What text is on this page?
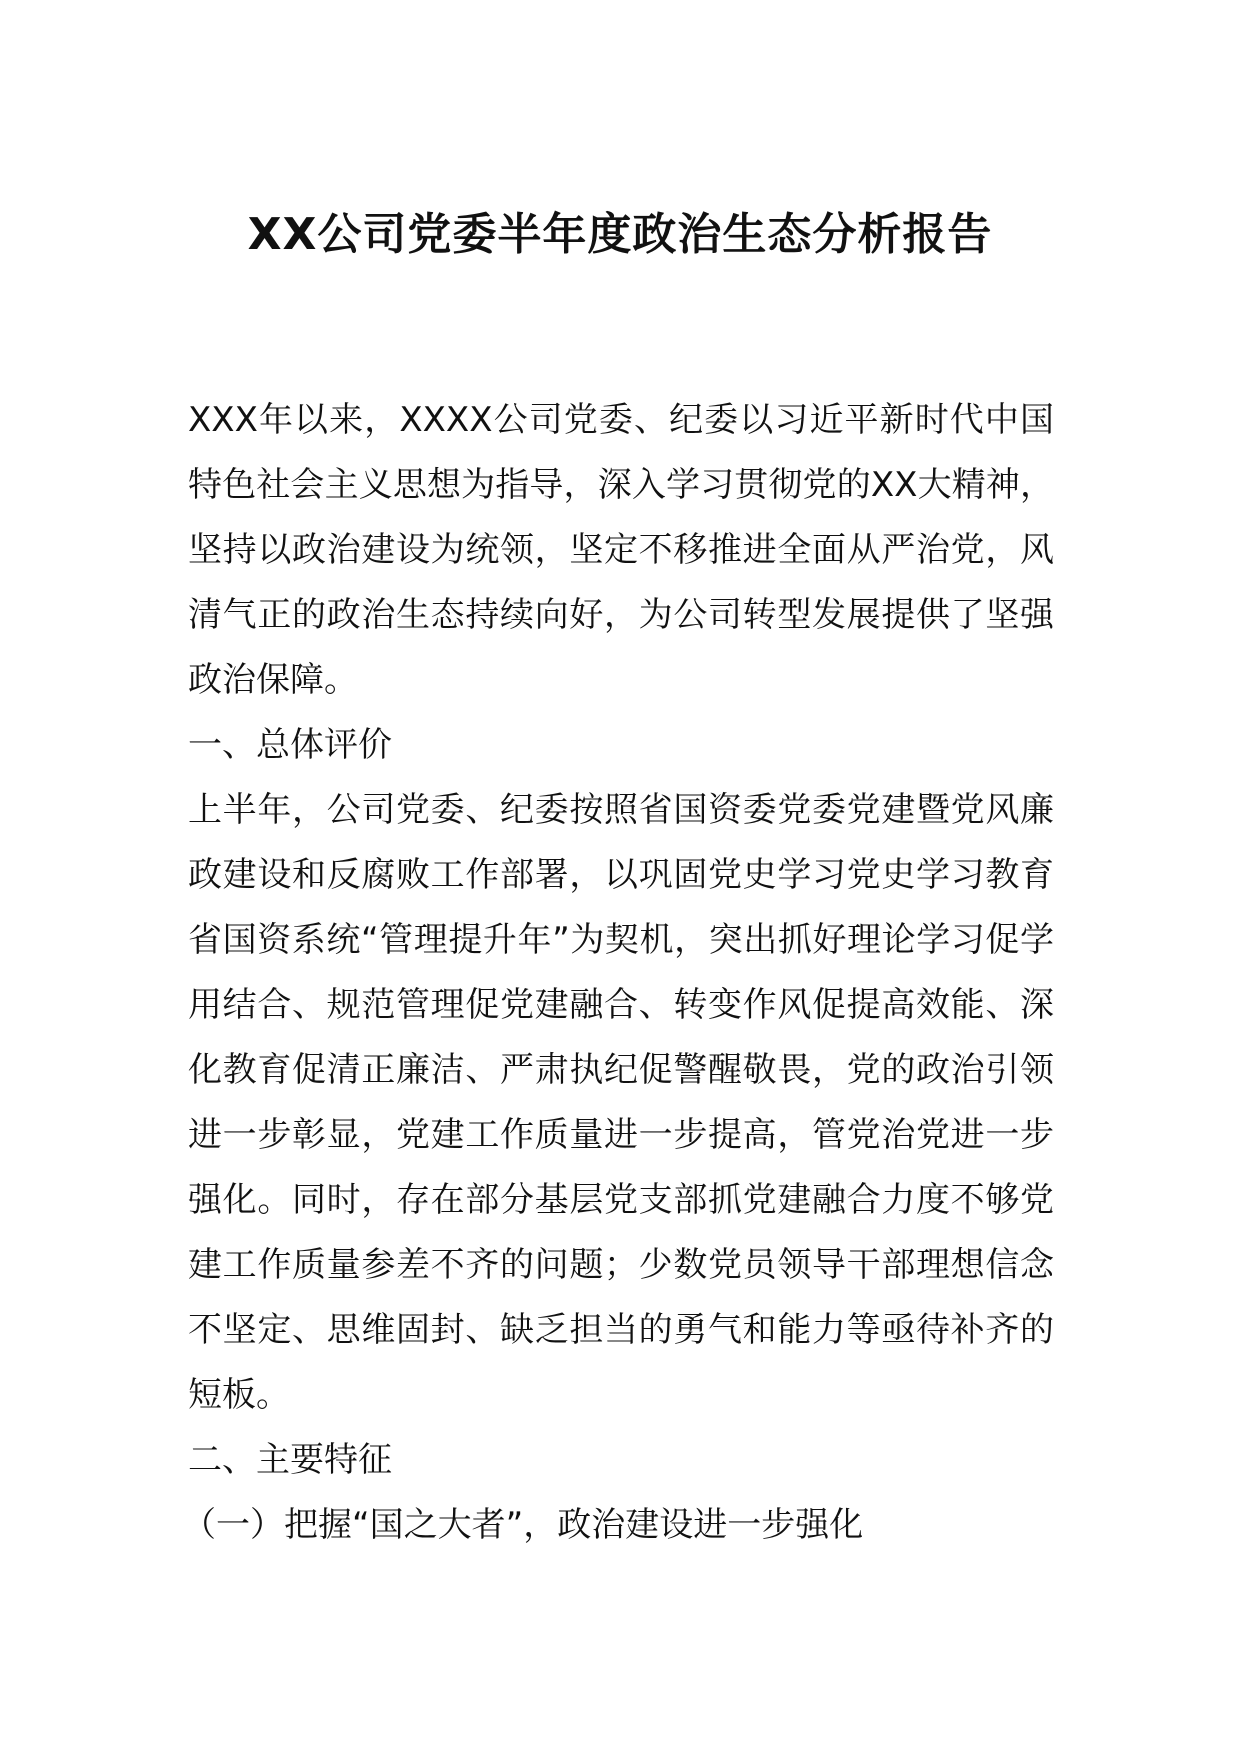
XX公司党委半年度政治生态分析报告

XXX年以来，XXXX公司党委、纪委以习近平新时代中国特色社会主义思想为指导，深入学习贯彻党的XX大精神，坚持以政治建设为统领，坚定不移推进全面从严治党，风清气正的政治生态持续向好，为公司转型发展提供了坚强政治保障。

一、总体评价

上半年，公司党委、纪委按照省国资委党委党建暨党风廉政建设和反腐败工作部署，以巩固党史学习党史学习教育省国资系统“管理提升年”为契机，突出抓好理论学习促学用结合、规范管理促党建融合、转变作风促提高效能、深化教育促清正廉洁、严肃执纪促警醒敬畏，党的政治引领进一步彰显，党建工作质量进一步提高，管党治党进一步强化。同时，存在部分基层党支部抓党建融合力度不够党建工作质量参差不齐的问题；少数党员领导干部理想信念不坚定、思维固封、缺乏担当的勇气和能力等亟待补齐的短板。

二、主要特征

（一）把握“国之大者”，政治建设进一步强化
